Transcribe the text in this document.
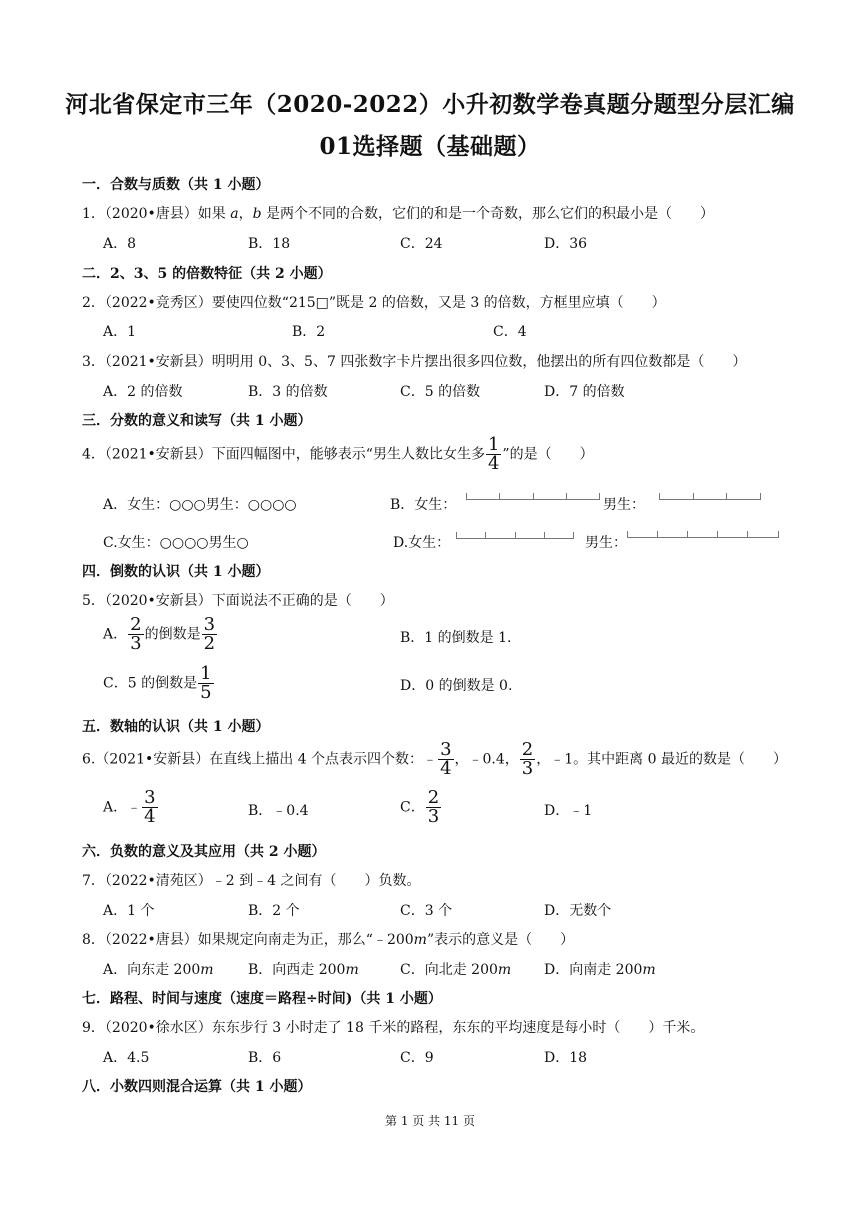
河北省保定市三年（2020-2022）小升初数学卷真题分题型分层汇编
01选择题（基础题）
一．合数与质数（共 1 小题）
1．（2020•唐县）如果 a，b 是两个不同的合数，它们的和是一个奇数，那么它们的积最小是（　　）
A．8	B．18	C．24	D．36
二．2、3、5 的倍数特征（共 2 小题）
2．（2022•竞秀区）要使四位数“215□”既是 2 的倍数，又是 3 的倍数，方框里应填（　　）
A．1	B．2	C．4
3．（2021•安新县）明明用 0、3、5、7 四张数字卡片摆出很多四位数，他摆出的所有四位数都是（　　）
A．2 的倍数	B．3 的倍数	C．5 的倍数	D．7 的倍数
三．分数的意义和读写（共 1 小题）
4．（2021•安新县）下面四幅图中，能够表示“男生人数比女生多 $\frac{1}{4}$ ”的是（　　）
A．女生：○○○男生：○○○○	B．女生：	男生：
C.女生：○○○○男生○	D.女生：	男生：
四．倒数的认识（共 1 小题）
5．（2020•安新县）下面说法不正确的是（　　）
A． $\frac{2}{3}$ 的倒数是 $\frac{3}{2}$	B．1 的倒数是 1.
C．5 的倒数是 $\frac{1}{5}$	D．0 的倒数是 0.
五．数轴的认识（共 1 小题）
6.（2021•安新县）在直线上描出 4 个点表示四个数：﹣ $\frac{3}{4}$ ，﹣0.4， $\frac{2}{3}$ ，﹣1。其中距离 0 最近的数是（　　）
A．﹣ $\frac{3}{4}$	B．﹣0.4	C． $\frac{2}{3}$	D．﹣1
六．负数的意义及其应用（共 2 小题）
7．（2022•清苑区）﹣2 到﹣4 之间有（　　）负数。
A．1 个	B．2 个	C．3 个	D．无数个
8．（2022•唐县）如果规定向南走为正，那么“﹣200m”表示的意义是（　　）
A．向东走 200m B．向西走 200m	C．向北走 200m D．向南走 200m
七．路程、时间与速度（速度＝路程÷时间)（共 1 小题）
9．（2020•徐水区）东东步行 3 小时走了 18 千米的路程，东东的平均速度是每小时（　　）千米。
A．4.5	B．6	C．9	D．18
八．小数四则混合运算（共 1 小题）
第 1 页 共 11 页
